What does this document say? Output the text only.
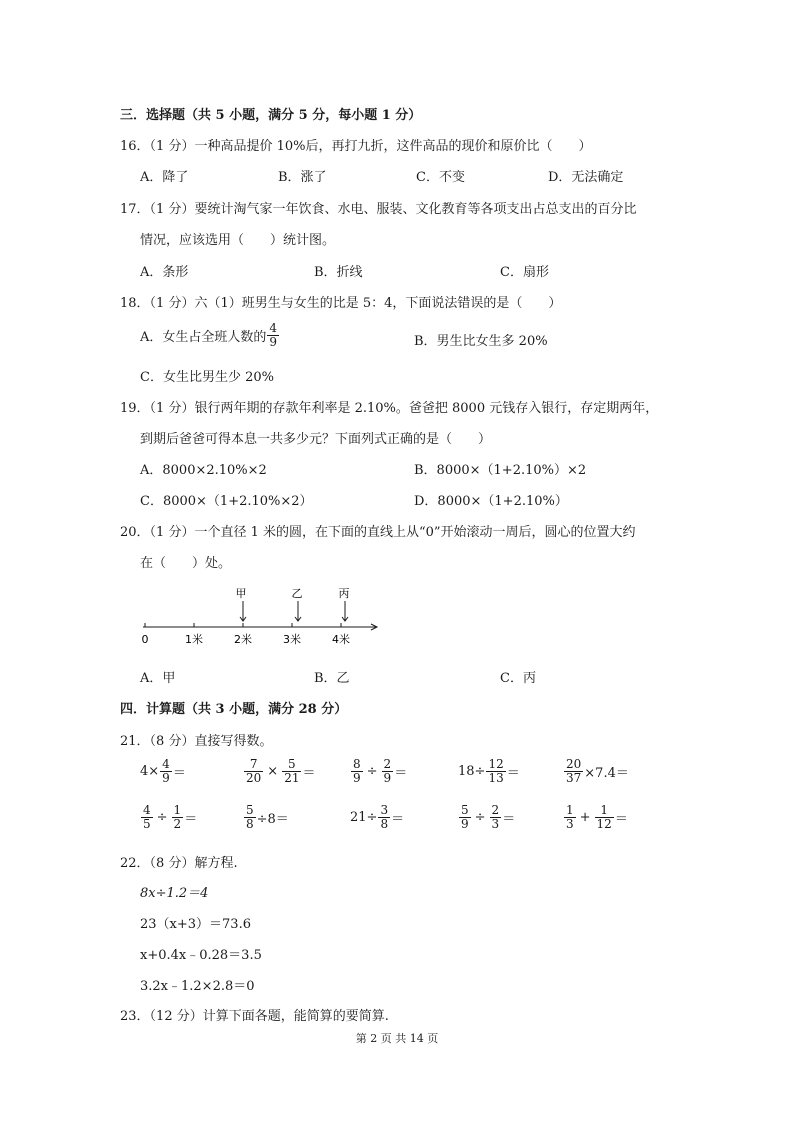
三．选择题（共 5 小题，满分 5 分，每小题 1 分）
16．（1 分）一种高品提价 10%后，再打九折，这件高品的现价和原价比（　　）
A．降了	B．涨了	C．不变	D．无法确定
17．（1 分）要统计淘气家一年饮食、水电、服装、文化教育等各项支出占总支出的百分比
情况，应该选用（　　）统计图。
A．条形	B．折线	C．扇形
18．（1 分）六（1）班男生与女生的比是 5：4，下面说法错误的是（　　）
A．女生占全班人数的 $\frac{4}{9}$	B．男生比女生多 20%
C．女生比男生少 20%
19．（1 分）银行两年期的存款年利率是 2.10%。爸爸把 8000 元钱存入银行，存定期两年，
到期后爸爸可得本息一共多少元？下面列式正确的是（　　）
A．8000×2.10%×2	B．8000×（1+2.10%）×2
C．8000×（1+2.10%×2）	D．8000×（1+2.10%）
20．（1 分）一个直径 1 米的圆，在下面的直线上从“0”开始滚动一周后，圆心的位置大约
在（　　）处。
0	1米	2米	3米	4米
甲	乙	丙
A．甲	B．乙	C．丙
四．计算题（共 3 小题，满分 28 分）
21．（8 分）直接写得数。
$4\times \frac{4}{9}$ ＝	$\frac{7}{20} \times \frac{5}{21}$ ＝	$\frac{8}{9} \div \frac{2}{9}$ ＝	$18\div \frac{12}{13}$ ＝	$\frac{20}{37} \times 7.4=$
$\frac{4}{5} \div \frac{1}{2}$ ＝	$\frac{5}{8} \div 8=$	$21\div \frac{3}{8}$ ＝	$\frac{5}{9} \div \frac{2}{3}$ ＝	$\frac{1}{3} + \frac{1}{12}$ ＝
22．（8 分）解方程.
8x÷1.2＝4
23（x+3）＝73.6
x+0.4x﹣0.28＝3.5
3.2x﹣1.2×2.8＝0
23．（12 分）计算下面各题，能简算的要简算.
第 2 页 共 14 页
